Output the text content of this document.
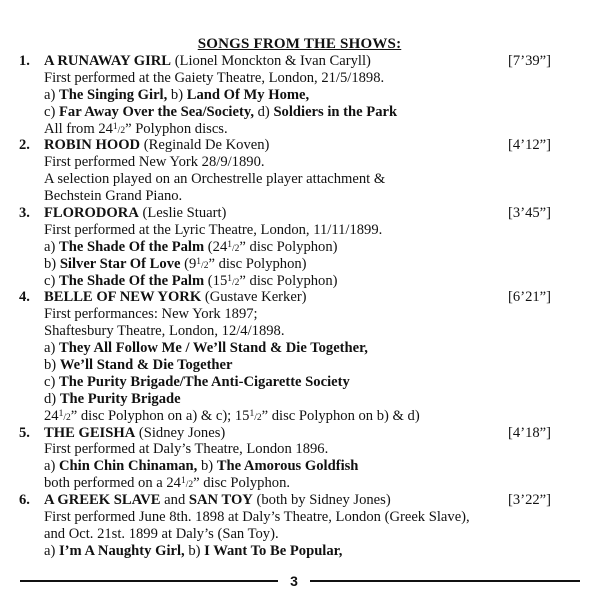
SONGS FROM THE SHOWS:
1. A RUNAWAY GIRL (Lionel Monckton & Ivan Caryll)	[7’39”]
First performed at the Gaiety Theatre, London, 21/5/1898.
a) The Singing Girl, b) Land Of My Home,
c) Far Away Over the Sea/Society, d) Soldiers in the Park
All from 241/2” Polyphon discs.
2. ROBIN HOOD (Reginald De Koven)	[4’12”]
First performed New York 28/9/1890.
A selection played on an Orchestrelle player attachment &
Bechstein Grand Piano.
3. FLORODORA (Leslie Stuart)	[3’45”]
First performed at the Lyric Theatre, London, 11/11/1899.
a) The Shade Of the Palm (241/2” disc Polyphon)
b) Silver Star Of Love (91/2” disc Polyphon)
c) The Shade Of the Palm (151/2” disc Polyphon)
4. BELLE OF NEW YORK (Gustave Kerker)	[6’21”]
First performances: New York 1897;
Shaftesbury Theatre, London, 12/4/1898.
a) They All Follow Me / We’ll Stand & Die Together,
b) We’ll Stand & Die Together
c) The Purity Brigade/The Anti-Cigarette Society
d) The Purity Brigade
241/2” disc Polyphon on a) & c); 151/2” disc Polyphon on b) & d)
5. THE GEISHA (Sidney Jones)	[4’18”]
First performed at Daly’s Theatre, London 1896.
a) Chin Chin Chinaman, b) The Amorous Goldfish
both performed on a 241/2” disc Polyphon.
6. A GREEK SLAVE and SAN TOY (both by Sidney Jones)	[3’22”]
First performed June 8th. 1898 at Daly’s Theatre, London (Greek Slave),
and Oct. 21st. 1899 at Daly’s (San Toy).
a) I’m A Naughty Girl, b) I Want To Be Popular,
3
